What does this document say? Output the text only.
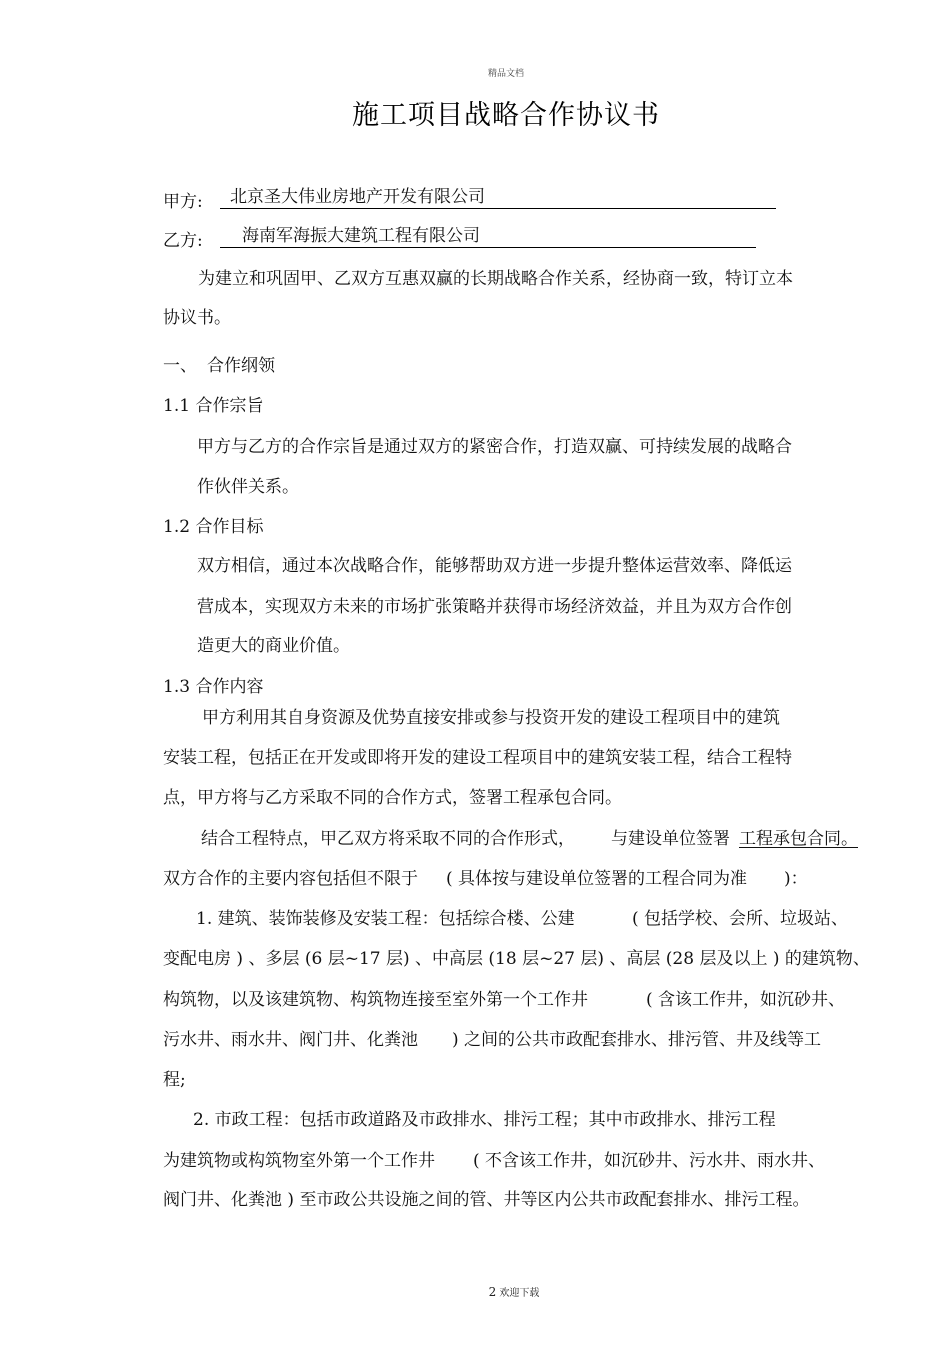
精品文档
施工项目战略合作协议书
甲方:	北京圣大伟业房地产开发有限公司
乙方:	海南军海振大建筑工程有限公司
为建立和巩固甲、乙双方互惠双赢的长期战略合作关系，经协商一致，特订立本
协议书。
一、 合作纲领
1.1 合作宗旨
甲方与乙方的合作宗旨是通过双方的紧密合作，打造双赢、可持续发展的战略合
作伙伴关系。
1.2 合作目标
双方相信，通过本次战略合作，能够帮助双方进一步提升整体运营效率、降低运
营成本，实现双方未来的市场扩张策略并获得市场经济效益，并且为双方合作创
造更大的商业价值。
1.3 合作内容
甲方利用其自身资源及优势直接安排或参与投资开发的建设工程项目中的建筑
安装工程，包括正在开发或即将开发的建设工程项目中的建筑安装工程，结合工程特
点，甲方将与乙方采取不同的合作方式，签署工程承包合同。
结合工程特点，甲乙双方将采取不同的合作形式， 与建设单位签署 工程承包合同。
双方合作的主要内容包括但不限于 ( 具体按与建设单位签署的工程合同为准 )：
1. 建筑、装饰装修及安装工程：包括综合楼、公建	( 包括学校、会所、垃圾站、
变配电房 ) 、多层 (6 层~17 层) 、中高层 (18 层~27 层) 、高层 (28 层及以上 ) 的建筑物、
构筑物，以及该建筑物、构筑物连接至室外第一个工作井	( 含该工作井，如沉砂井、
污水井、雨水井、阀门井、化粪池 ) 之间的公共市政配套排水、排污管、井及线等工
程;
2. 市政工程：包括市政道路及市政排水、排污工程；其中市政排水、排污工程
为建筑物或构筑物室外第一个工作井 ( 不含该工作井，如沉砂井、污水井、雨水井、
阀门井、化粪池 ) 至市政公共设施之间的管、井等区内公共市政配套排水、排污工程。
2 欢迎下载
